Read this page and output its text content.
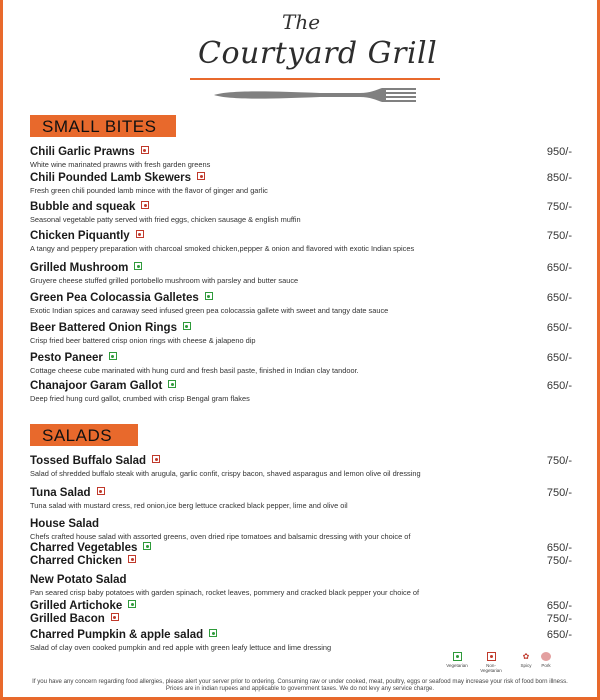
The
Courtyard Grill
SMALL BITES
Chili Garlic Prawns
White wine marinated prawns with fresh garden greens
950/-
Chili Pounded Lamb Skewers
Fresh green chili pounded lamb mince with the flavor of ginger and garlic
850/-
Bubble and squeak
Seasonal vegetable patty served with fried eggs, chicken sausage & english muffin
750/-
Chicken Piquantly
A tangy and peppery preparation with charcoal smoked chicken,pepper & onion and flavored with exotic Indian spices
750/-
Grilled Mushroom
Gruyere cheese stuffed grilled portobello mushroom with parsley and butter sauce
650/-
Green Pea Colocassia Galletes
Exotic Indian spices and caraway seed infused green pea colocassia gallete with sweet and tangy date sauce
650/-
Beer Battered Onion Rings
Crisp fried beer battered crisp onion rings with cheese & jalapeno dip
650/-
Pesto Paneer
Cottage cheese cube marinated with hung curd and fresh basil paste, finished in Indian clay tandoor.
650/-
Chanajoor Garam Gallot
Deep fried hung curd gallot, crumbed with crisp Bengal gram flakes
650/-
SALADS
Tossed Buffalo Salad
Salad of shredded buffalo steak with arugula, garlic confit, crispy bacon, shaved asparagus and lemon olive oil dressing
750/-
Tuna Salad
Tuna salad with mustard cress, red onion,ice berg lettuce cracked black pepper, lime and olive oil
750/-
House Salad
Chefs crafted house salad with assorted greens, oven dried ripe tomatoes and balsamic dressing with your choice of
Charred Vegetables	650/-
Charred Chicken	750/-
New Potato Salad
Pan seared crisp baby potatoes with garden spinach, rocket leaves, pommery and cracked black pepper your choice of
Grilled Artichoke	650/-
Grilled Bacon	750/-
Charred Pumpkin & apple salad
Salad of clay oven cooked pumpkin and red apple with green leafy lettuce and lime dressing
650/-
Vegetarian	Non-Vegetarian
✿
Spicy	Pork
If you have any concern regarding food allergies, please alert your server prior to ordering. Consuming raw or under cooked, meat, poultry, eggs or seafood may increase your risk of food born illness.
Prices are in indian rupees and applicable to government taxes. We do not levy any service charge.
